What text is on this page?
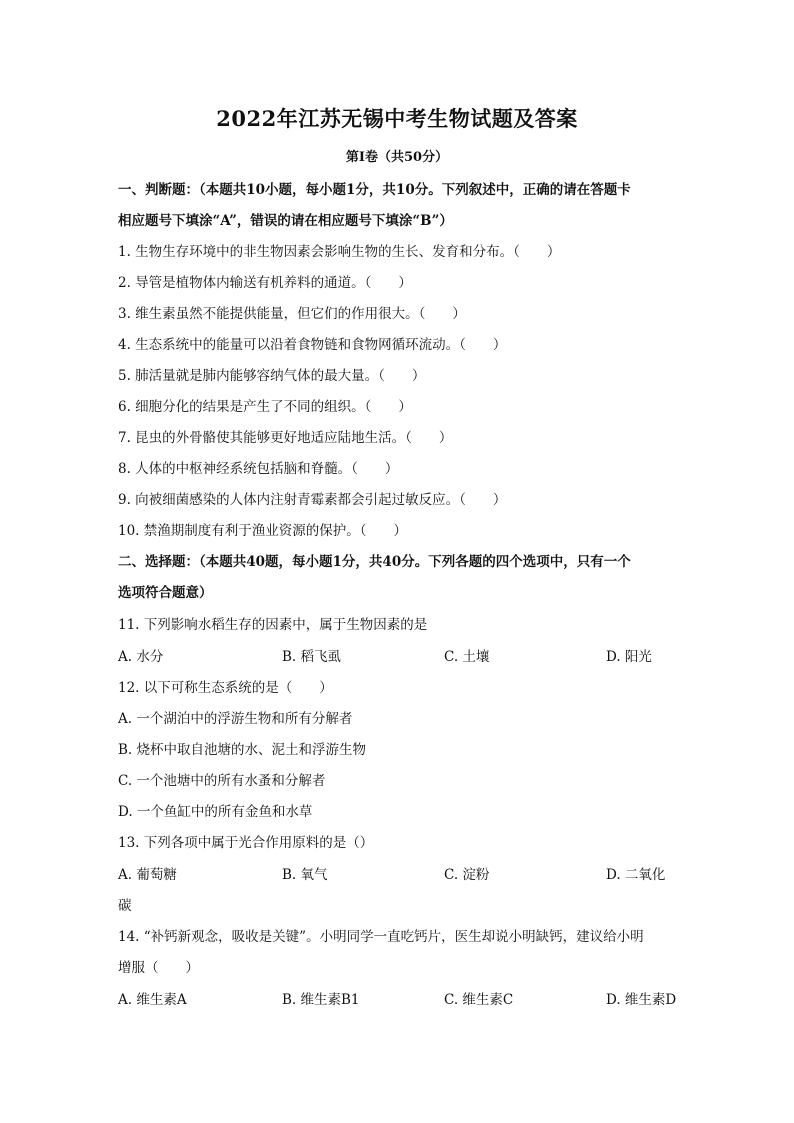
2022年江苏无锡中考生物试题及答案
第Ⅰ卷（共50分）
一、判断题：（本题共10小题，每小题1分，共10分。下列叙述中，正确的请在答题卡
相应题号下填涂“A”，错误的请在相应题号下填涂“B”）
1. 生物生存环境中的非生物因素会影响生物的生长、发育和分布。（　　）
2. 导管是植物体内输送有机养料的通道。（　　）
3. 维生素虽然不能提供能量，但它们的作用很大。（　　）
4. 生态系统中的能量可以沿着食物链和食物网循环流动。（　　）
5. 肺活量就是肺内能够容纳气体的最大量。（　　）
6. 细胞分化的结果是产生了不同的组织。（　　）
7. 昆虫的外骨骼使其能够更好地适应陆地生活。（　　）
8. 人体的中枢神经系统包括脑和脊髓。（　　）
9. 向被细菌感染的人体内注射青霉素都会引起过敏反应。（　　）
10. 禁渔期制度有利于渔业资源的保护。（　　）
二、选择题：（本题共40题，每小题1分，共40分。下列各题的四个选项中，只有一个
选项符合题意）
11. 下列影响水稻生存的因素中，属于生物因素的是
A. 水分	B. 稻飞虱	C. 土壤	D. 阳光
12. 以下可称生态系统的是（　　）
A. 一个湖泊中的浮游生物和所有分解者
B. 烧杯中取自池塘的水、泥土和浮游生物
C. 一个池塘中的所有水蚤和分解者
D. 一个鱼缸中的所有金鱼和水草
13. 下列各项中属于光合作用原料的是（）
A. 葡萄糖	B. 氧气	C. 淀粉	D. 二氧化
碳
14. “补钙新观念，吸收是关键”。小明同学一直吃钙片，医生却说小明缺钙，建议给小明
增服（　　）
A. 维生素A	B. 维生素B1	C. 维生素C	D. 维生素D
